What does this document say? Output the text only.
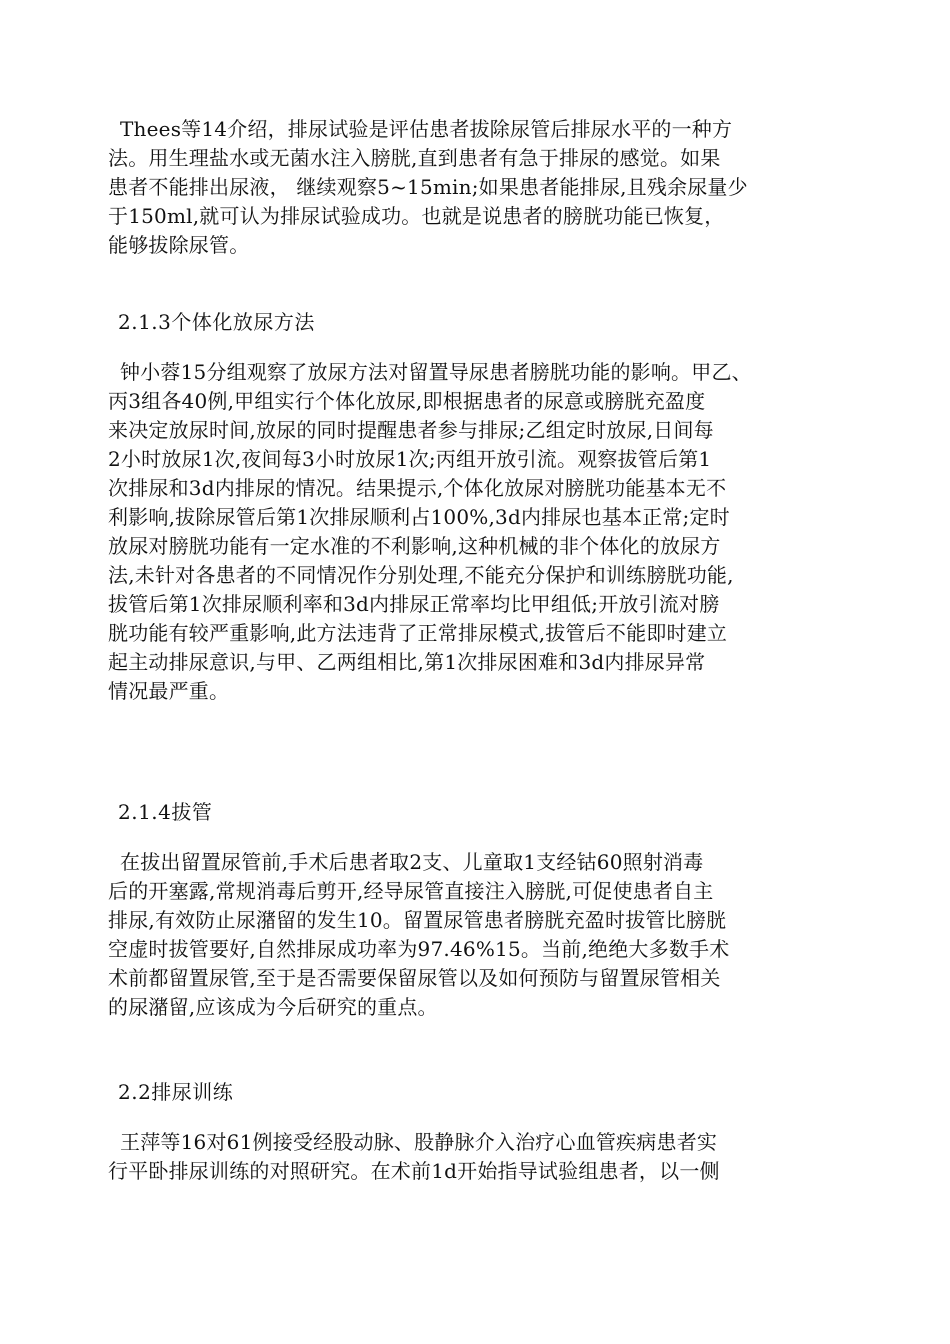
Thees等14介绍，排尿试验是评估患者拔除尿管后排尿水平的一种方
法。用生理盐水或无菌水注入膀胱,直到患者有急于排尿的感觉。如果
患者不能排出尿液， 继续观察5~15min;如果患者能排尿,且残余尿量少
于150ml,就可认为排尿试验成功。也就是说患者的膀胱功能已恢复，
能够拔除尿管。
2.1.3个体化放尿方法
钟小蓉15分组观察了放尿方法对留置导尿患者膀胱功能的影响。甲乙、
丙3组各40例,甲组实行个体化放尿,即根据患者的尿意或膀胱充盈度
来决定放尿时间,放尿的同时提醒患者参与排尿;乙组定时放尿,日间每
2小时放尿1次,夜间每3小时放尿1次;丙组开放引流。观察拔管后第1
次排尿和3d内排尿的情况。结果提示,个体化放尿对膀胱功能基本无不
利影响,拔除尿管后第1次排尿顺利占100%,3d内排尿也基本正常;定时
放尿对膀胱功能有一定水准的不利影响,这种机械的非个体化的放尿方
法,未针对各患者的不同情况作分别处理,不能充分保护和训练膀胱功能,
拔管后第1次排尿顺利率和3d内排尿正常率均比甲组低;开放引流对膀
胱功能有较严重影响,此方法违背了正常排尿模式,拔管后不能即时建立
起主动排尿意识,与甲、乙两组相比,第1次排尿困难和3d内排尿异常
情况最严重。
2.1.4拔管
在拔出留置尿管前,手术后患者取2支、儿童取1支经钴60照射消毒
后的开塞露,常规消毒后剪开,经导尿管直接注入膀胱,可促使患者自主
排尿,有效防止尿潴留的发生10。留置尿管患者膀胱充盈时拔管比膀胱
空虚时拔管要好,自然排尿成功率为97.46%15。当前,绝绝大多数手术
术前都留置尿管,至于是否需要保留尿管以及如何预防与留置尿管相关
的尿潴留,应该成为今后研究的重点。
2.2排尿训练
王萍等16对61例接受经股动脉、股静脉介入治疗心血管疾病患者实
行平卧排尿训练的对照研究。在术前1d开始指导试验组患者，以一侧
